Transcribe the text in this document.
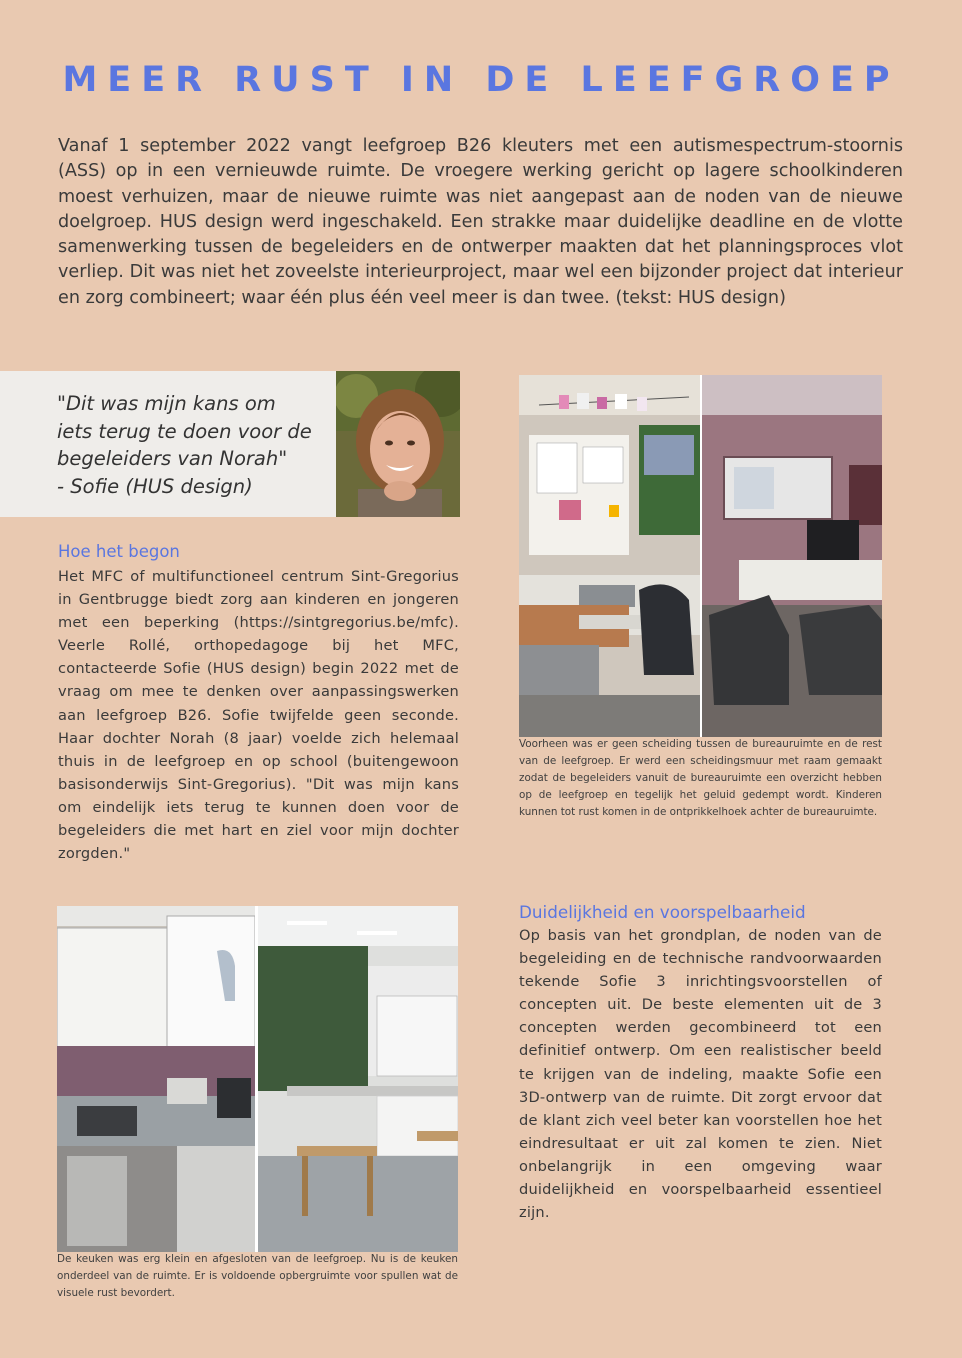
MEER RUST IN DE LEEFGROEP
Vanaf 1 september 2022 vangt leefgroep B26 kleuters met een autismespectrum-stoornis (ASS) op in een vernieuwde ruimte. De vroegere werking gericht op lagere schoolkinderen moest verhuizen, maar de nieuwe ruimte was niet aangepast aan de noden van de nieuwe doelgroep. HUS design werd ingeschakeld. Een strakke maar duidelijke deadline en de vlotte samenwerking tussen de begeleiders en de ontwerper maakten dat het planningsproces vlot verliep. Dit was niet het zoveelste interieurproject, maar wel een bijzonder project dat interieur en zorg combineert; waar één plus één veel meer is dan twee. (tekst: HUS design)
"Dit was mijn kans om
iets terug te doen voor de
begeleiders van Norah"
- Sofie (HUS design)
Hoe het begon
Het MFC of multifunctioneel centrum Sint-Gregorius in Gentbrugge biedt zorg aan kinderen en jongeren met een beperking (https://sintgregorius.be/mfc). Veerle Rollé, orthopedagoge bij het MFC, contacteerde Sofie (HUS design) begin 2022 met de vraag om mee te denken over aanpassingswerken aan leefgroep B26. Sofie twijfelde geen seconde. Haar dochter Norah (8 jaar) voelde zich helemaal thuis in de leefgroep en op school (buitengewoon basisonderwijs Sint-Gregorius). "Dit was mijn kans om eindelijk iets terug te kunnen doen voor de begeleiders die met hart en ziel voor mijn dochter zorgden."
Voorheen was er geen scheiding tussen de bureauruimte en de rest van de leefgroep. Er werd een scheidingsmuur met raam gemaakt zodat de begeleiders vanuit de bureauruimte een overzicht hebben op de leefgroep en tegelijk het geluid gedempt wordt. Kinderen kunnen tot rust komen in de ontprikkelhoek achter de bureauruimte.
Duidelijkheid en voorspelbaarheid
Op basis van het grondplan, de noden van de begeleiding en de technische randvoorwaarden tekende Sofie 3 inrichtingsvoorstellen of concepten uit. De beste elementen uit de 3 concepten werden gecombineerd tot een definitief ontwerp. Om een realistischer beeld te krijgen van de indeling, maakte Sofie een 3D-ontwerp van de ruimte. Dit zorgt ervoor dat de klant zich veel beter kan voorstellen hoe het eindresultaat er uit zal komen te zien. Niet onbelangrijk in een omgeving waar duidelijkheid en voorspelbaarheid essentieel zijn.
De keuken was erg klein en afgesloten van de leefgroep. Nu is de keuken onderdeel van de ruimte. Er is voldoende opbergruimte voor spullen wat de visuele rust bevordert.
